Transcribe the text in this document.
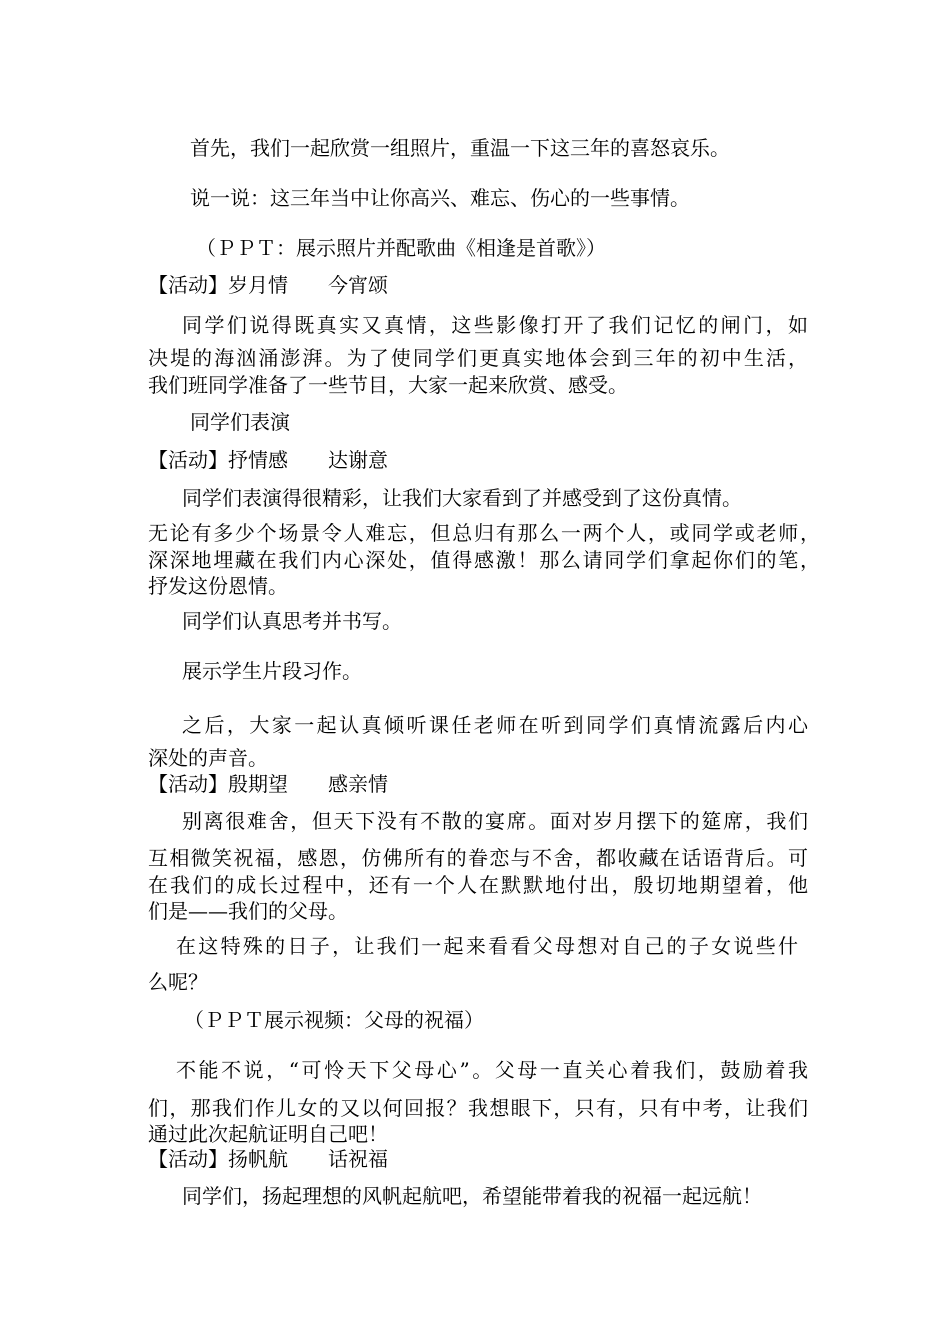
首先，我们一起欣赏一组照片，重温一下这三年的喜怒哀乐。
说一说：这三年当中让你高兴、难忘、伤心的一些事情。
（ＰＰＴ：展示照片并配歌曲《相逢是首歌》）
【活动】岁月情　　今宵颂
同学们说得既真实又真情，这些影像打开了我们记忆的闸门，如
决堤的海汹涌澎湃。为了使同学们更真实地体会到三年的初中生活，
我们班同学准备了一些节目，大家一起来欣赏、感受。
同学们表演
【活动】抒情感　　达谢意
同学们表演得很精彩，让我们大家看到了并感受到了这份真情。
无论有多少个场景令人难忘，但总归有那么一两个人，或同学或老师，
深深地埋藏在我们内心深处，值得感激！那么请同学们拿起你们的笔，
抒发这份恩情。
同学们认真思考并书写。
展示学生片段习作。
之后，大家一起认真倾听课任老师在听到同学们真情流露后内心
深处的声音。
【活动】殷期望　　感亲情
别离很难舍，但天下没有不散的宴席。面对岁月摆下的筵席，我们
互相微笑祝福，感恩，仿佛所有的眷恋与不舍，都收藏在话语背后。可
在我们的成长过程中，还有一个人在默默地付出，殷切地期望着，他
们是——我们的父母。
在这特殊的日子，让我们一起来看看父母想对自己的子女说些什
么呢？
（ＰＰＴ展示视频：父母的祝福）
不能不说，“可怜天下父母心”。父母一直关心着我们，鼓励着我
们，那我们作儿女的又以何回报？我想眼下，只有，只有中考，让我们
通过此次起航证明自己吧！
【活动】扬帆航　　话祝福
同学们，扬起理想的风帆起航吧，希望能带着我的祝福一起远航！
